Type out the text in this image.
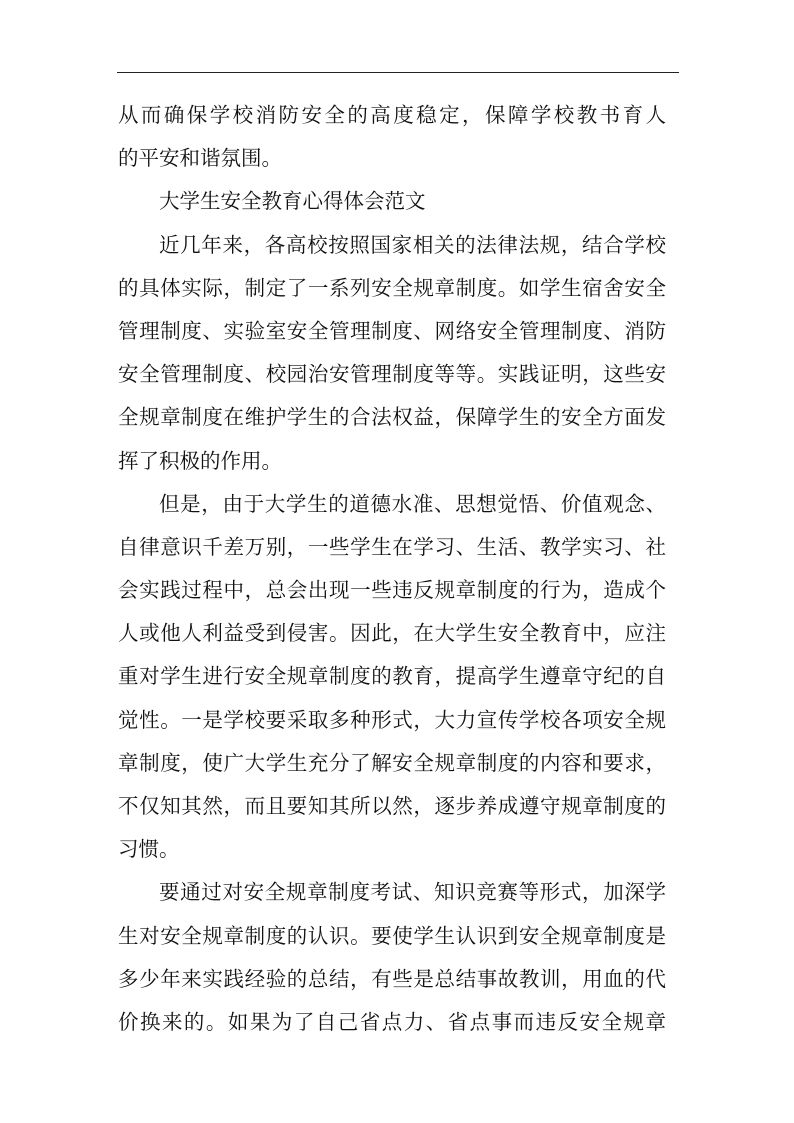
从而确保学校消防安全的高度稳定，保障学校教书育人
的平安和谐氛围。
大学生安全教育心得体会范文
近几年来，各高校按照国家相关的法律法规，结合学校
的具体实际，制定了一系列安全规章制度。如学生宿舍安全
管理制度、实验室安全管理制度、网络安全管理制度、消防
安全管理制度、校园治安管理制度等等。实践证明，这些安
全规章制度在维护学生的合法权益，保障学生的安全方面发
挥了积极的作用。
但是，由于大学生的道德水准、思想觉悟、价值观念、
自律意识千差万别，一些学生在学习、生活、教学实习、社
会实践过程中，总会出现一些违反规章制度的行为，造成个
人或他人利益受到侵害。因此，在大学生安全教育中，应注
重对学生进行安全规章制度的教育，提高学生遵章守纪的自
觉性。一是学校要采取多种形式，大力宣传学校各项安全规
章制度，使广大学生充分了解安全规章制度的内容和要求，
不仅知其然，而且要知其所以然，逐步养成遵守规章制度的
习惯。
要通过对安全规章制度考试、知识竞赛等形式，加深学
生对安全规章制度的认识。要使学生认识到安全规章制度是
多少年来实践经验的总结，有些是总结事故教训，用血的代
价换来的。如果为了自己省点力、省点事而违反安全规章
